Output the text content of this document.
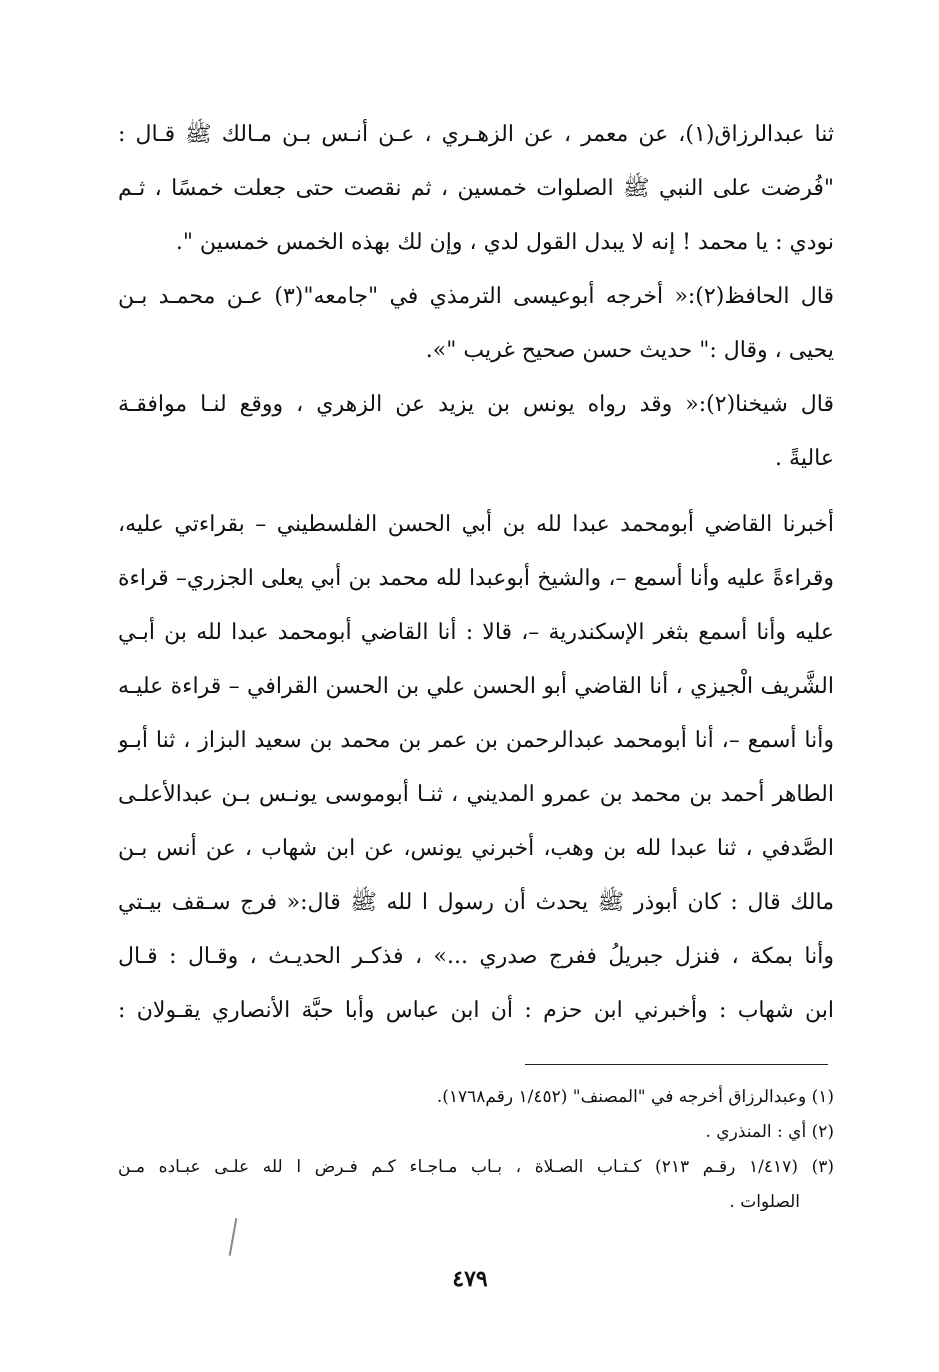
ثنا عبدالرزاق(١)، عن معمر ، عن الزهـري ، عـن أنـس بـن مـالك ﷺ قـال :
"فُرضت على النبي ﷺ الصلوات خمسين ، ثم نقصت حتى جعلت خمسًا ، ثـم
نودي : يا محمد ! إنه لا يبدل القول لدي ، وإن لك بهذه الخمس خمسين ".
قال الحافظ(٢):« أخرجه أبوعيسى الترمذي في "جامعه"(٣) عـن محمـد بـن
يحيى ، وقال :" حديث حسن صحيح غريب "».
قال شيخنا(٢):« وقد رواه يونس بن يزيد عن الزهري ، ووقع لنـا موافقـة
عاليةً .
أخبرنا القاضي أبومحمد عبدا لله بن أبي الحسن الفلسطيني – بقراءتي عليه،
وقراءةً عليه وأنا أسمع –، والشيخ أبوعبدا لله محمد بن أبي يعلى الجزري– قراءة
عليه وأنا أسمع بثغر الإسكندرية –، قالا : أنا القاضي أبومحمد عبدا لله بن أبـي
الشَّريف الْجيزي ، أنا القاضي أبو الحسن علي بن الحسن القرافي – قراءة عليـه
وأنا أسمع –، أنا أبومحمد عبدالرحمن بن عمر بن محمد بن سعيد البزاز ، ثنا أبـو
الطاهر أحمد بن محمد بن عمرو المديني ، ثنـا أبوموسى يونـس بـن عبدالأعلـى
الصَّدفي ، ثنا عبدا لله بن وهب، أخبرني يونس، عن ابن شهاب ، عن أنس بـن
مالك قال : كان أبوذر ﷺ يحدث أن رسول ا لله ﷺ قال:« فرج سـقف بيـتي
وأنا بمكة ، فنزل جبريلُ ففرج صدري ...» ، فذكـر الحديـث ، وقـال : قـال
ابن شهاب : وأخبرني ابن حزم : أن ابن عباس وأبا حبَّة الأنصاري يقـولان :
(١) وعبدالرزاق أخرجه في "المصنف" (١/٤٥٢ رقم١٧٦٨).
(٢) أي : المنذري .
(٣) (١/٤١٧ رقـم ٢١٣) كـتـاب الصـلاة ، بـاب مـاجـاء كـم فـرض ا لله علـى عبـاده مـن
الصلوات .
٤٧٩
